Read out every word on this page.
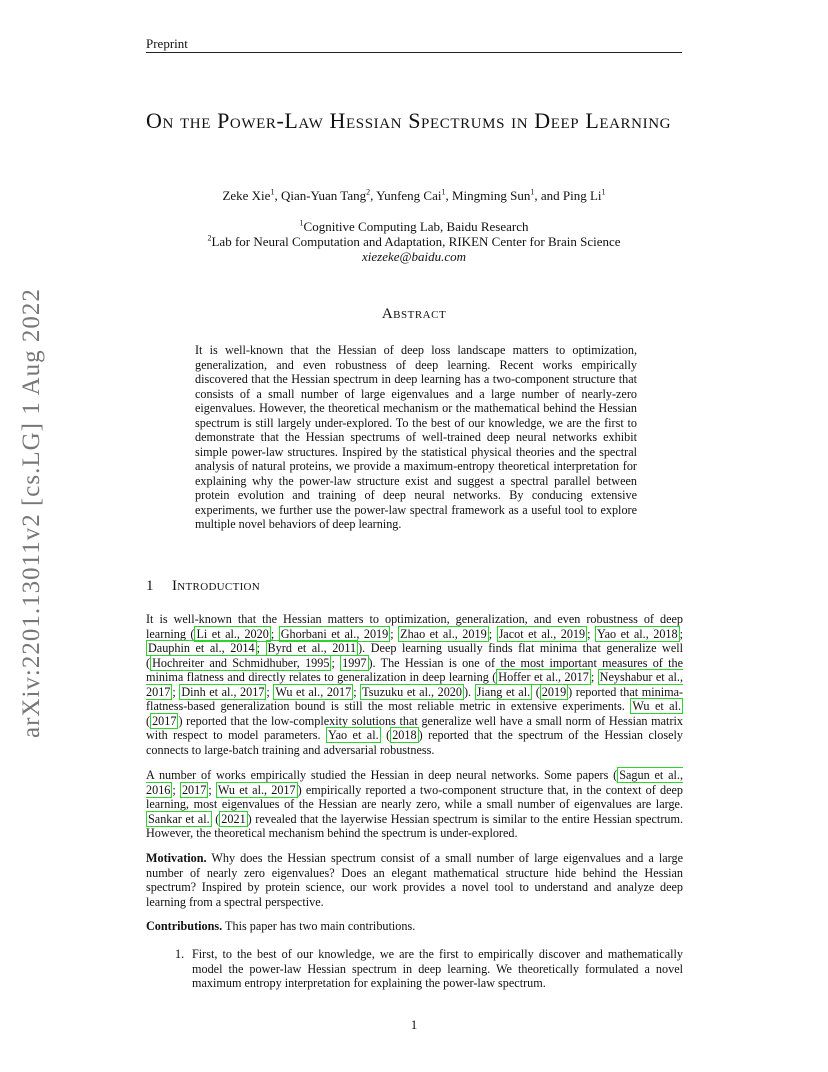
Preprint
arXiv:2201.13011v2 [cs.LG] 1 Aug 2022
On the Power-Law Hessian Spectrums in Deep Learning
Zeke Xie$^1$, Qian-Yuan Tang$^2$, Yunfeng Cai$^1$, Mingming Sun$^1$, and Ping Li$^1$
$^1$Cognitive Computing Lab, Baidu Research
$^2$Lab for Neural Computation and Adaptation, RIKEN Center for Brain Science
xiezeke@baidu.com
Abstract
It is well-known that the Hessian of deep loss landscape matters to optimization, generalization, and even robustness of deep learning. Recent works empirically discovered that the Hessian spectrum in deep learning has a two-component structure that consists of a small number of large eigenvalues and a large number of nearly-zero eigenvalues. However, the theoretical mechanism or the mathematical behind the Hessian spectrum is still largely under-explored. To the best of our knowledge, we are the first to demonstrate that the Hessian spectrums of well-trained deep neural networks exhibit simple power-law structures. Inspired by the statistical physical theories and the spectral analysis of natural proteins, we provide a maximum-entropy theoretical interpretation for explaining why the power-law structure exist and suggest a spectral parallel between protein evolution and training of deep neural networks. By conducing extensive experiments, we further use the power-law spectral framework as a useful tool to explore multiple novel behaviors of deep learning.
1 Introduction
It is well-known that the Hessian matters to optimization, generalization, and even robustness of deep learning ( Li et al., 2020 ; Ghorbani et al., 2019 ; Zhao et al., 2019 ; Jacot et al., 2019 ; Yao et al., 2018 ; Dauphin et al., 2014 ; Byrd et al., 2011 ). Deep learning usually finds flat minima that generalize well ( Hochreiter and Schmidhuber, 1995 ; 1997 ). The Hessian is one of the most important measures of the minima flatness and directly relates to generalization in deep learning ( Hoffer et al., 2017 ; Neyshabur et al., 2017 ; Dinh et al., 2017 ; Wu et al., 2017 ; Tsuzuku et al., 2020 ). Jiang et al. ( 2019 ) reported that minima-flatness-based generalization bound is still the most reliable metric in extensive experiments. Wu et al. ( 2017 ) reported that the low-complexity solutions that generalize well have a small norm of Hessian matrix with respect to model parameters. Yao et al. ( 2018 ) reported that the spectrum of the Hessian closely connects to large-batch training and adversarial robustness.
A number of works empirically studied the Hessian in deep neural networks. Some papers ( Sagun et al., 2016 ; 2017 ; Wu et al., 2017 ) empirically reported a two-component structure that, in the context of deep learning, most eigenvalues of the Hessian are nearly zero, while a small number of eigenvalues are large. Sankar et al. ( 2021 ) revealed that the layerwise Hessian spectrum is similar to the entire Hessian spectrum. However, the theoretical mechanism behind the spectrum is under-explored.
Motivation. Why does the Hessian spectrum consist of a small number of large eigenvalues and a large number of nearly zero eigenvalues? Does an elegant mathematical structure hide behind the Hessian spectrum? Inspired by protein science, our work provides a novel tool to understand and analyze deep learning from a spectral perspective.
Contributions. This paper has two main contributions.
1. First, to the best of our knowledge, we are the first to empirically discover and mathematically model the power-law Hessian spectrum in deep learning. We theoretically formulated a novel maximum entropy interpretation for explaining the power-law spectrum.
1
